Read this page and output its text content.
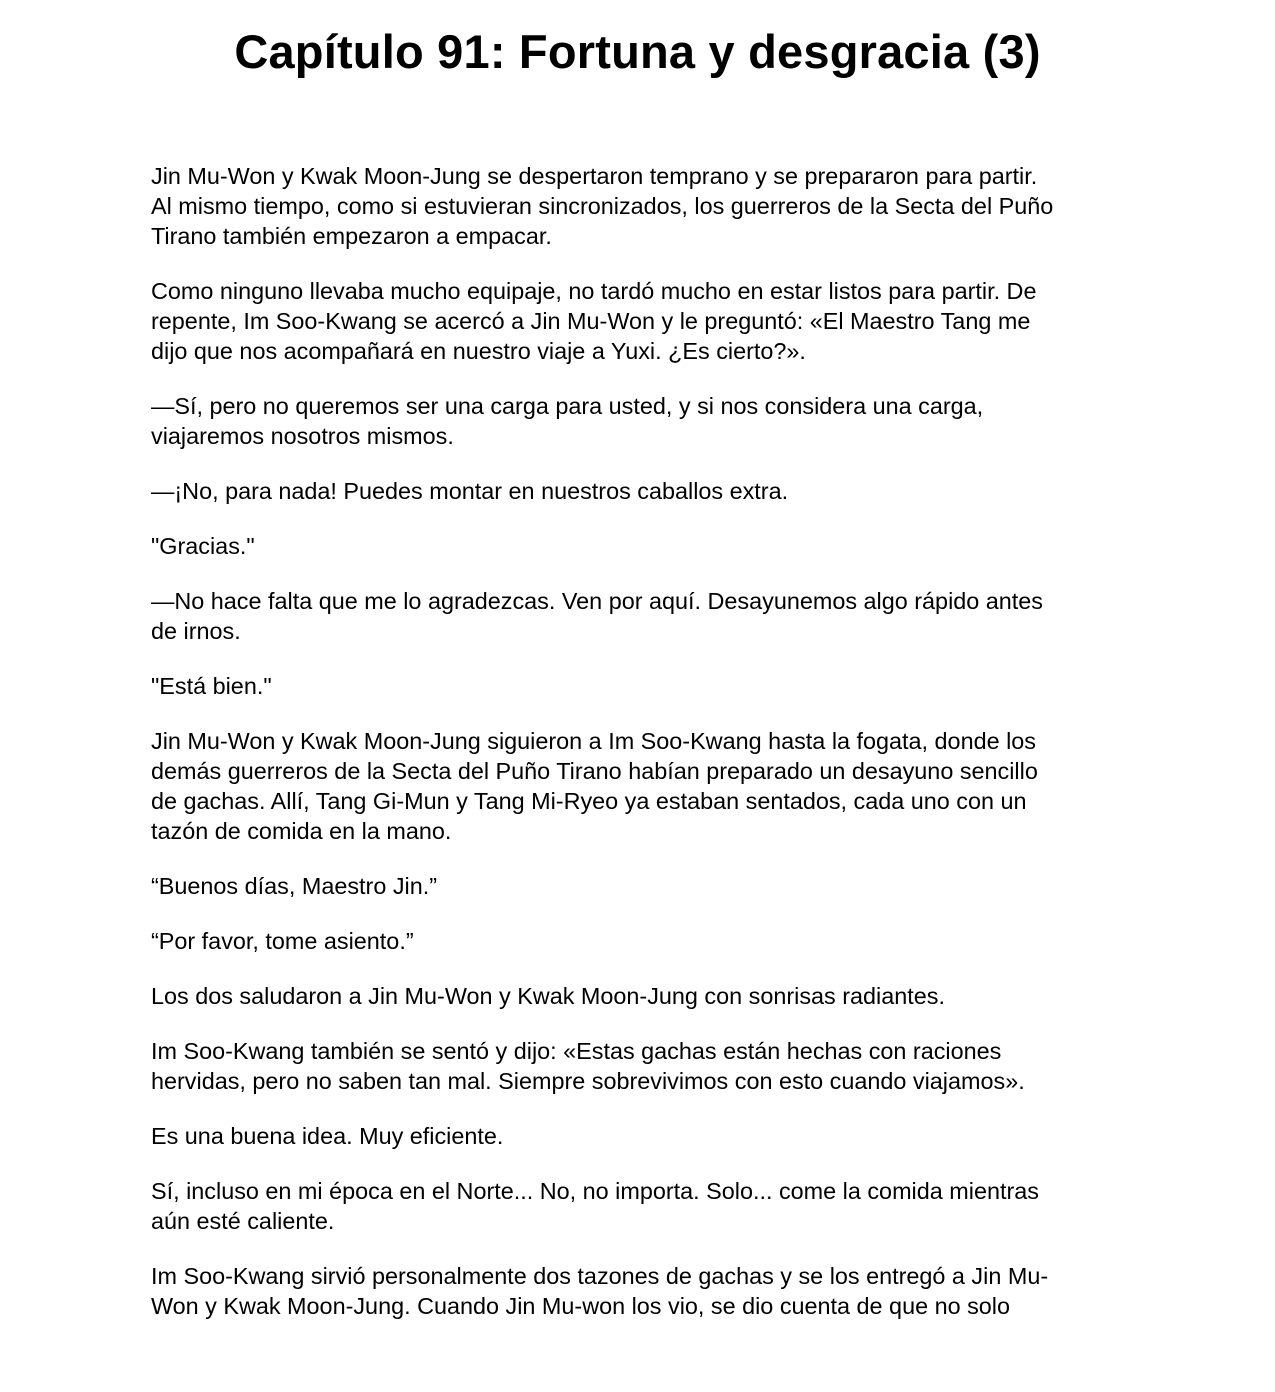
Capítulo 91: Fortuna y desgracia (3)

Jin Mu-Won y Kwak Moon-Jung se despertaron temprano y se prepararon para partir.
Al mismo tiempo, como si estuvieran sincronizados, los guerreros de la Secta del Puño
Tirano también empezaron a empacar.

Como ninguno llevaba mucho equipaje, no tardó mucho en estar listos para partir. De
repente, Im Soo-Kwang se acercó a Jin Mu-Won y le preguntó: «El Maestro Tang me
dijo que nos acompañará en nuestro viaje a Yuxi. ¿Es cierto?».

—Sí, pero no queremos ser una carga para usted, y si nos considera una carga,
viajaremos nosotros mismos.

—¡No, para nada! Puedes montar en nuestros caballos extra.

"Gracias."

—No hace falta que me lo agradezcas. Ven por aquí. Desayunemos algo rápido antes
de irnos.

"Está bien."

Jin Mu-Won y Kwak Moon-Jung siguieron a Im Soo-Kwang hasta la fogata, donde los
demás guerreros de la Secta del Puño Tirano habían preparado un desayuno sencillo
de gachas. Allí, Tang Gi-Mun y Tang Mi-Ryeo ya estaban sentados, cada uno con un
tazón de comida en la mano.

“Buenos días, Maestro Jin.”

“Por favor, tome asiento.”

Los dos saludaron a Jin Mu-Won y Kwak Moon-Jung con sonrisas radiantes.

Im Soo-Kwang también se sentó y dijo: «Estas gachas están hechas con raciones
hervidas, pero no saben tan mal. Siempre sobrevivimos con esto cuando viajamos».

Es una buena idea. Muy eficiente.

Sí, incluso en mi época en el Norte... No, no importa. Solo... come la comida mientras
aún esté caliente.

Im Soo-Kwang sirvió personalmente dos tazones de gachas y se los entregó a Jin Mu-
Won y Kwak Moon-Jung. Cuando Jin Mu-won los vio, se dio cuenta de que no solo
